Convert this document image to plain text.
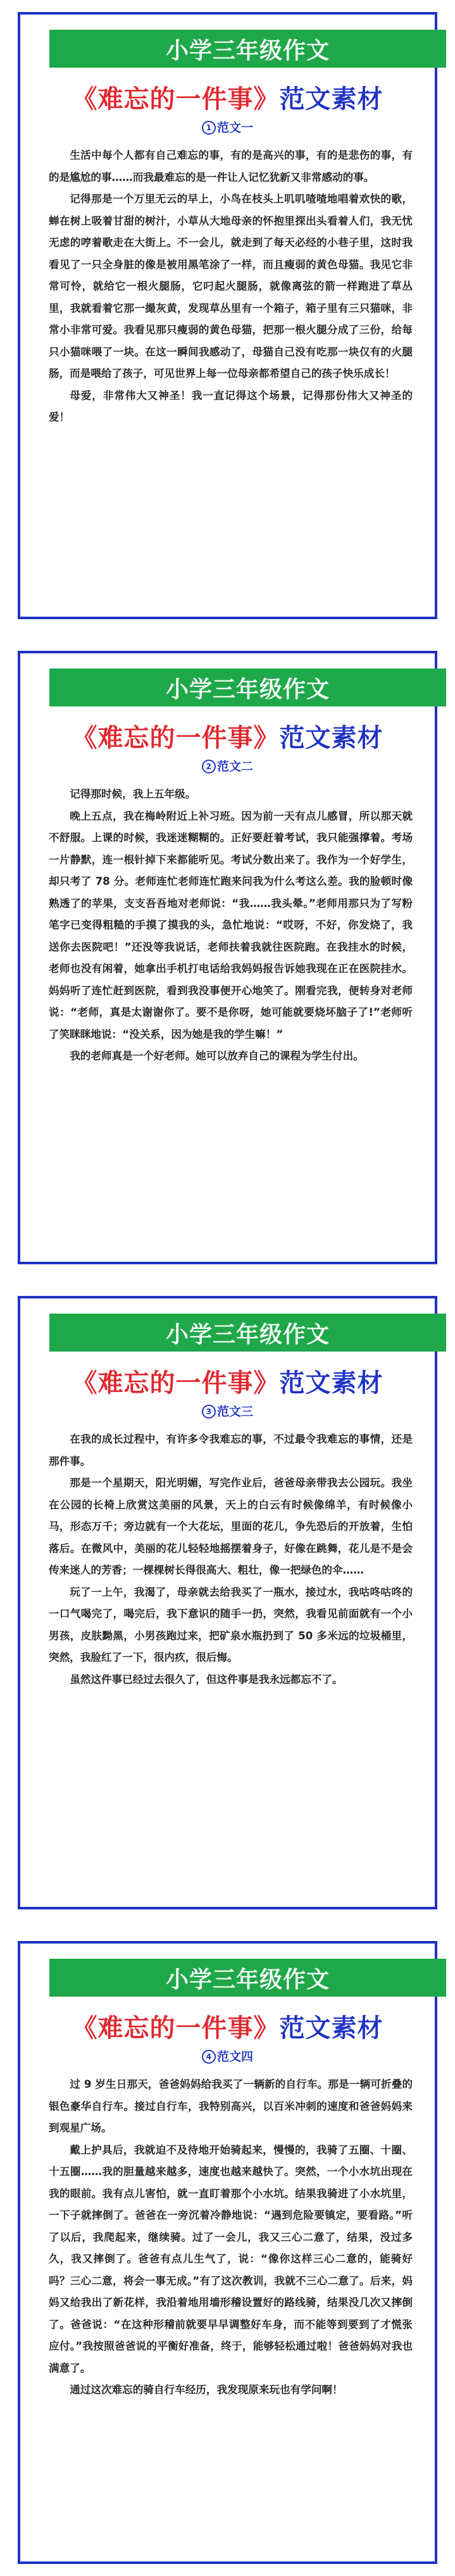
小学三年级作文
《难忘的一件事》范文素材
1 范文一

生活中每个人都有自己难忘的事，有的是高兴的事，有的是悲伤的事，有的是尴尬的事……而我最难忘的是一件让人记忆犹新又非常感动的事。

记得那是一个万里无云的早上，小鸟在枝头上叽叽喳喳地唱着欢快的歌，蝉在树上吸着甘甜的树汁，小草从大地母亲的怀抱里探出头看着人们，我无忧无虑的哼着歌走在大街上。不一会儿，就走到了每天必经的小巷子里，这时我看见了一只全身脏的像是被用黑笔涂了一样，而且瘦弱的黄色母猫。我见它非常可怜，就给它一根火腿肠，它叼起火腿肠，就像离弦的箭一样跑进了草丛里，我就看着它那一撮灰黄，发现草丛里有一个箱子，箱子里有三只猫咪，非常小非常可爱。我看见那只瘦弱的黄色母猫，把那一根火腿分成了三份，给每只小猫咪喂了一块。在这一瞬间我感动了，母猫自己没有吃那一块仅有的火腿肠，而是喂给了孩子，可见世界上每一位母亲都希望自己的孩子快乐成长！

母爱，非常伟大又神圣！我一直记得这个场景，记得那份伟大又神圣的爱！

小学三年级作文
《难忘的一件事》范文素材
2 范文二

记得那时候，我上五年级。

晚上五点，我在梅岭附近上补习班。因为前一天有点儿感冒，所以那天就不舒服。上课的时候，我迷迷糊糊的。正好要赶着考试，我只能强撑着。考场一片静默，连一根针掉下来都能听见。考试分数出来了。我作为一个好学生，却只考了 78 分。老师连忙老师连忙跑来问我为什么考这么差。我的脸顿时像熟透了的苹果，支支吾吾地对老师说：“我……我头晕。”老师用那只为了写粉笔字已变得粗糙的手摸了摸我的头，急忙地说：“哎呀，不好，你发烧了，我送你去医院吧！”还没等我说话，老师扶着我就往医院跑。在我挂水的时候，老师也没有闲着，她拿出手机打电话给我妈妈报告诉她我现在正在医院挂水。妈妈听了连忙赶到医院，看到我没事便开心地笑了。刚看完我，便转身对老师说：“老师，真是太谢谢你了。要不是你呀，她可能就要烧坏脑子了!”老师听了笑眯眯地说：“没关系，因为她是我的学生嘛！”

我的老师真是一个好老师。她可以放弃自己的课程为学生付出。

小学三年级作文
《难忘的一件事》范文素材
3 范文三

在我的成长过程中，有许多令我难忘的事，不过最令我难忘的事情，还是那件事。

那是一个星期天，阳光明媚，写完作业后，爸爸母亲带我去公园玩。我坐在公园的长椅上欣赏这美丽的风景，天上的白云有时候像绵羊，有时候像小马，形态万千；旁边就有一个大花坛，里面的花儿，争先恐后的开放着，生怕落后。在微风中，美丽的花儿轻轻地摇摆着身子，好像在跳舞，花儿是不是会传来迷人的芳香；一棵棵树长得很高大、粗壮，像一把绿色的伞……

玩了一上午，我渴了，母亲就去给我买了一瓶水，接过水，我咕咚咕咚的一口气喝完了，喝完后，我下意识的随手一扔，突然，我看见前面就有一个小男孩，皮肤黝黑，小男孩跑过来，把矿泉水瓶扔到了 50 多米远的垃圾桶里，突然，我脸红了一下，很内疚，很后悔。

虽然这件事已经过去很久了，但这件事是我永远都忘不了。

小学三年级作文
《难忘的一件事》范文素材
4 范文四

过 9 岁生日那天，爸爸妈妈给我买了一辆新的自行车。那是一辆可折叠的银色豪华自行车。接过自行车，我特别高兴，以百米冲刺的速度和爸爸妈妈来到观星广场。

戴上护具后，我就迫不及待地开始骑起来，慢慢的，我骑了五圈、十圈、十五圈……我的胆量越来越多，速度也越来越快了。突然，一个小水坑出现在我的眼前。我有点儿害怕，就一直盯着那个小水坑。结果我骑进了小水坑里，一下子就摔倒了。爸爸在一旁沉着冷静地说：“遇到危险要镇定，要看路。”听了以后，我爬起来，继续骑。过了一会儿，我又三心二意了，结果，没过多久，我又摔倒了。爸爸有点儿生气了，说：“像你这样三心二意的，能骑好吗？三心二意，将会一事无成。”有了这次教训，我就不三心二意了。后来，妈妈又给我出了新花样，我沿着地用墙形稽设置好的路线骑，结果没几次又摔倒了。爸爸说：“在这种形稽前就要早早调整好车身，而不能等到要到了才慌张应付。”我按照爸爸说的平衡好准备，终于，能够轻松通过啦！爸爸妈妈对我也满意了。

通过这次难忘的骑自行车经历，我发现原来玩也有学问啊！
